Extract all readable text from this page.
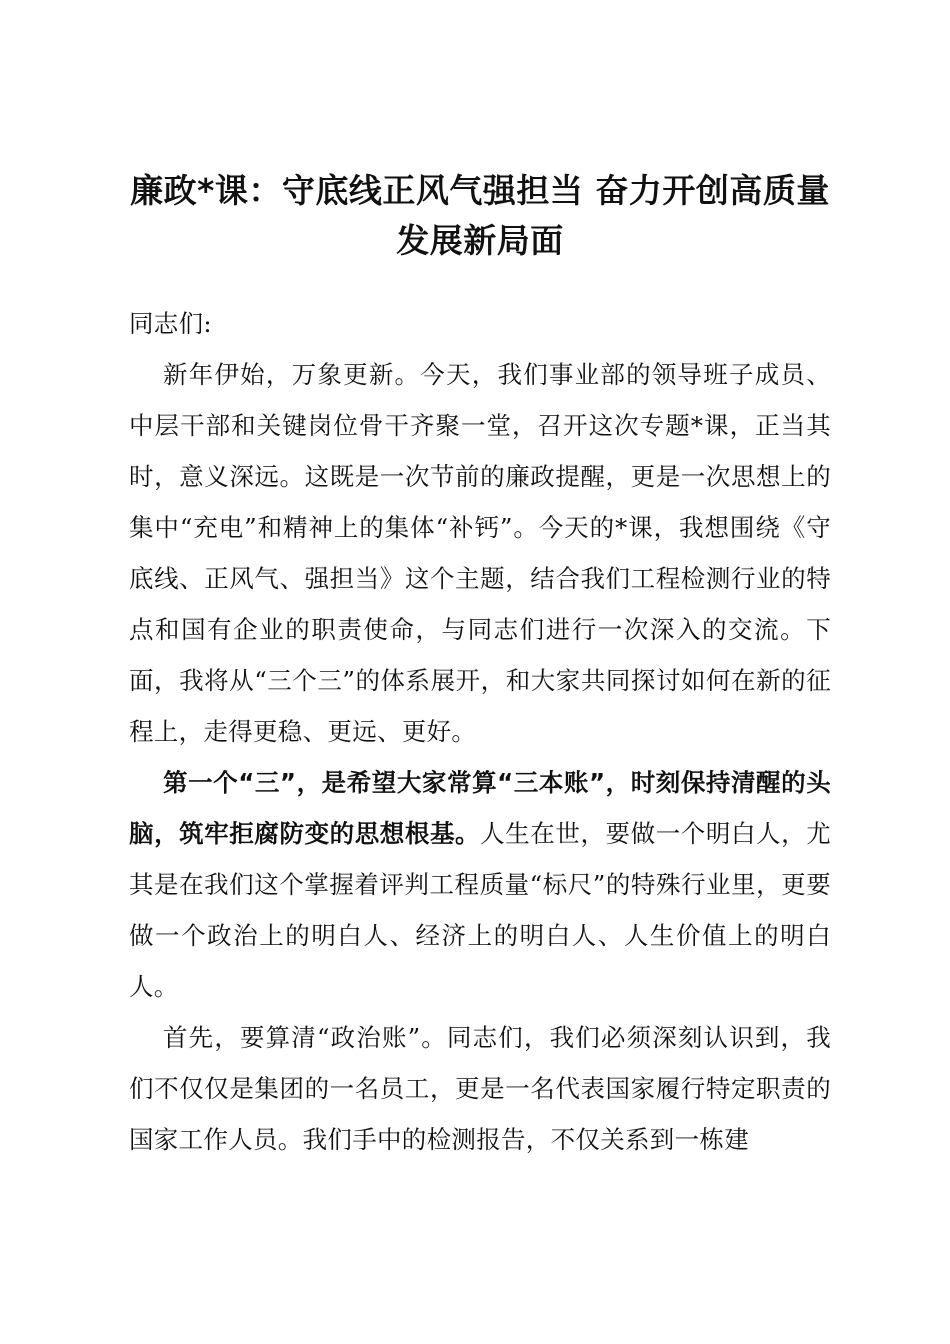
廉政*课：守底线正风气强担当 奋力开创高质量发展新局面

同志们:

新年伊始，万象更新。今天，我们事业部的领导班子成员、中层干部和关键岗位骨干齐聚一堂，召开这次专题*课，正当其时，意义深远。这既是一次节前的廉政提醒，更是一次思想上的集中“充电”和精神上的集体“补钙”。今天的*课，我想围绕《守底线、正风气、强担当》这个主题，结合我们工程检测行业的特点和国有企业的职责使命，与同志们进行一次深入的交流。下面，我将从“三个三”的体系展开，和大家共同探讨如何在新的征程上，走得更稳、更远、更好。

第一个“三”，是希望大家常算“三本账”，时刻保持清醒的头脑，筑牢拒腐防变的思想根基。人生在世，要做一个明白人，尤其是在我们这个掌握着评判工程质量“标尺”的特殊行业里，更要做一个政治上的明白人、经济上的明白人、人生价值上的明白人。

首先，要算清“政治账”。同志们，我们必须深刻认识到，我们不仅仅是集团的一名员工，更是一名代表国家履行特定职责的国家工作人员。我们手中的检测报告，不仅关系到一栋建
